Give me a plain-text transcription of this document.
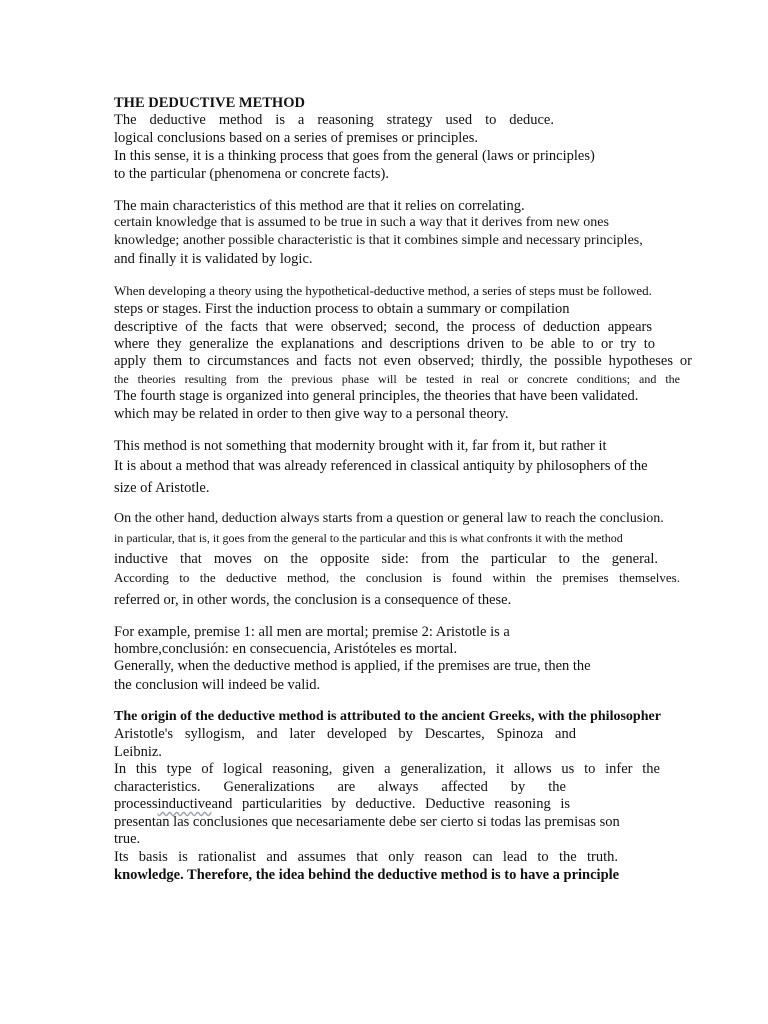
THE DEDUCTIVE METHOD

The deductive method is a reasoning strategy used to deduce.

logical conclusions based on a series of premises or principles.

In this sense, it is a thinking process that goes from the general (laws or principles)

to the particular (phenomena or concrete facts).

The main characteristics of this method are that it relies on correlating.

certain knowledge that is assumed to be true in such a way that it derives from new ones

knowledge; another possible characteristic is that it combines simple and necessary principles,

and finally it is validated by logic.

When developing a theory using the hypothetical-deductive method, a series of steps must be followed.

steps or stages. First the induction process to obtain a summary or compilation

descriptive of the facts that were observed; second, the process of deduction appears

where they generalize the explanations and descriptions driven to be able to or try to

apply them to circumstances and facts not even observed; thirdly, the possible hypotheses or

the theories resulting from the previous phase will be tested in real or concrete conditions; and the

The fourth stage is organized into general principles, the theories that have been validated.

which may be related in order to then give way to a personal theory.

This method is not something that modernity brought with it, far from it, but rather it

It is about a method that was already referenced in classical antiquity by philosophers of the

size of Aristotle.

On the other hand, deduction always starts from a question or general law to reach the conclusion.

in particular, that is, it goes from the general to the particular and this is what confronts it with the method

inductive that moves on the opposite side: from the particular to the general.

According to the deductive method, the conclusion is found within the premises themselves.

referred or, in other words, the conclusion is a consequence of these.

For example, premise 1: all men are mortal; premise 2: Aristotle is a

hombre,conclusión: en consecuencia, Aristóteles es mortal.

Generally, when the deductive method is applied, if the premises are true, then the

the conclusion will indeed be valid.

The origin of the deductive method is attributed to the ancient Greeks, with the philosopher

Aristotle's syllogism, and later developed by Descartes, Spinoza and

Leibniz.

In this type of logical reasoning, given a generalization, it allows us to infer the

characteristics. Generalizations are always affected by the

processinductiveand particularities by deductive. Deductive reasoning is

presentan las conclusiones que necesariamente debe ser cierto si todas las premisas son

true.

Its basis is rationalist and assumes that only reason can lead to the truth.

knowledge. Therefore, the idea behind the deductive method is to have a principle
